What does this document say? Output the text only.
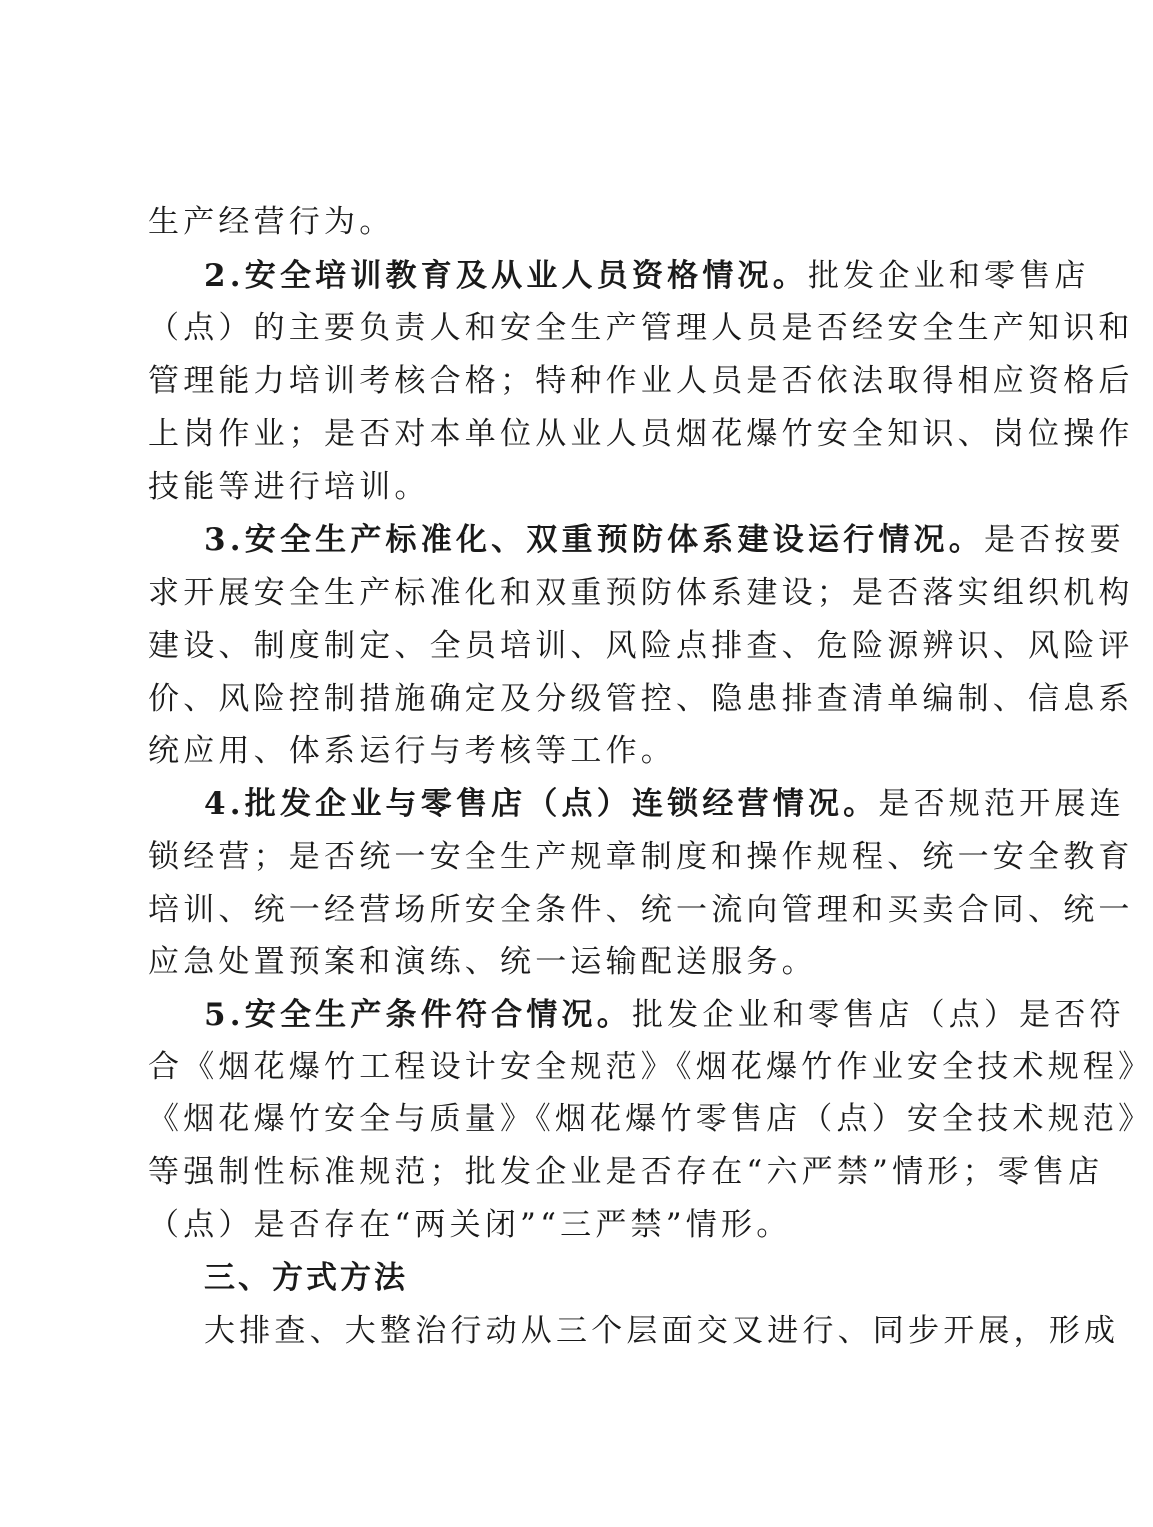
生产经营行为。
2.安全培训教育及从业人员资格情况。批发企业和零售店
（点）的主要负责人和安全生产管理人员是否经安全生产知识和
管理能力培训考核合格；特种作业人员是否依法取得相应资格后
上岗作业；是否对本单位从业人员烟花爆竹安全知识、岗位操作
技能等进行培训。
3.安全生产标准化、双重预防体系建设运行情况。是否按要
求开展安全生产标准化和双重预防体系建设；是否落实组织机构
建设、制度制定、全员培训、风险点排查、危险源辨识、风险评
价、风险控制措施确定及分级管控、隐患排查清单编制、信息系
统应用、体系运行与考核等工作。
4.批发企业与零售店（点）连锁经营情况。是否规范开展连
锁经营；是否统一安全生产规章制度和操作规程、统一安全教育
培训、统一经营场所安全条件、统一流向管理和买卖合同、统一
应急处置预案和演练、统一运输配送服务。
5.安全生产条件符合情况。批发企业和零售店（点）是否符
合《烟花爆竹工程设计安全规范》《烟花爆竹作业安全技术规程》
《烟花爆竹安全与质量》《烟花爆竹零售店（点）安全技术规范》
等强制性标准规范；批发企业是否存在“六严禁”情形；零售店
（点）是否存在“两关闭”“三严禁”情形。
三、方式方法
大排查、大整治行动从三个层面交叉进行、同步开展，形成
